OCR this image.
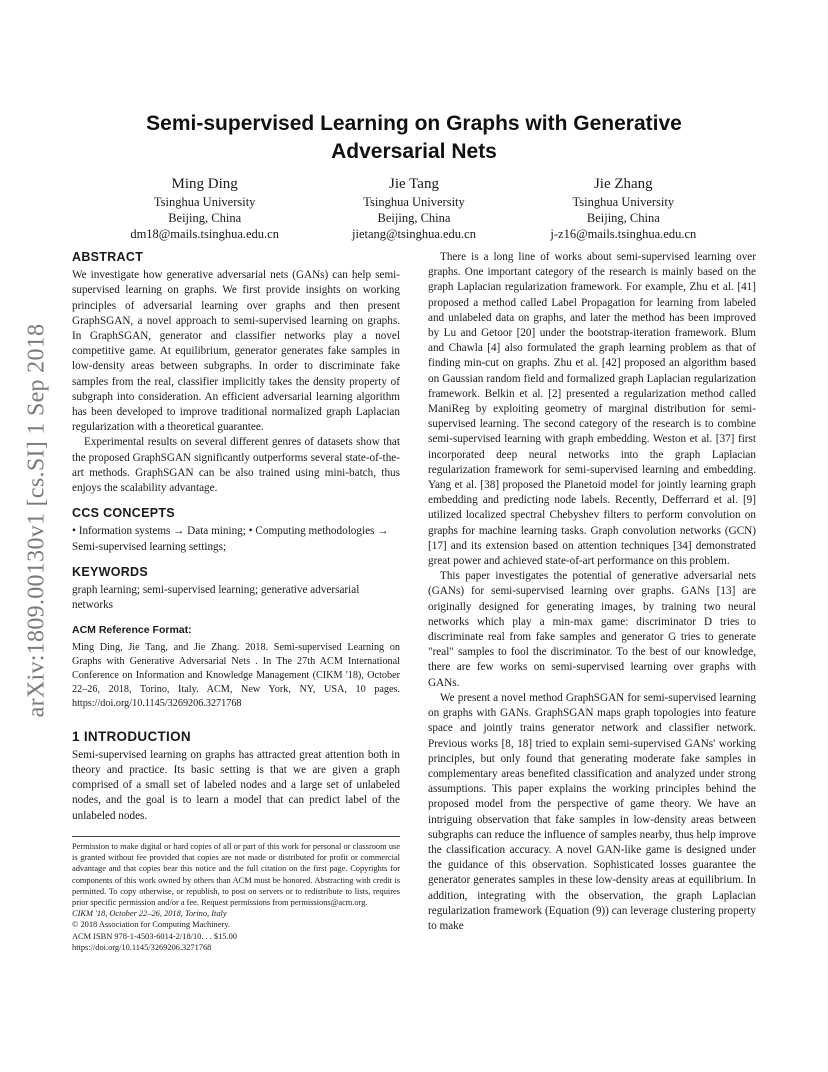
arXiv:1809.00130v1 [cs.SI] 1 Sep 2018
Semi-supervised Learning on Graphs with Generative Adversarial Nets
Ming Ding
Tsinghua University
Beijing, China
dm18@mails.tsinghua.edu.cn
Jie Tang
Tsinghua University
Beijing, China
jietang@tsinghua.edu.cn
Jie Zhang
Tsinghua University
Beijing, China
j-z16@mails.tsinghua.edu.cn
ABSTRACT

We investigate how generative adversarial nets (GANs) can help semi-supervised learning on graphs. We first provide insights on working principles of adversarial learning over graphs and then present GraphSGAN, a novel approach to semi-supervised learning on graphs. In GraphSGAN, generator and classifier networks play a novel competitive game. At equilibrium, generator generates fake samples in low-density areas between subgraphs. In order to discriminate fake samples from the real, classifier implicitly takes the density property of subgraph into consideration. An efficient adversarial learning algorithm has been developed to improve traditional normalized graph Laplacian regularization with a theoretical guarantee.

Experimental results on several different genres of datasets show that the proposed GraphSGAN significantly outperforms several state-of-the-art methods. GraphSGAN can be also trained using mini-batch, thus enjoys the scalability advantage.

CCS CONCEPTS

• Information systems → Data mining; • Computing methodologies → Semi-supervised learning settings;

KEYWORDS

graph learning; semi-supervised learning; generative adversarial networks

ACM Reference Format:

Ming Ding, Jie Tang, and Jie Zhang. 2018. Semi-supervised Learning on Graphs with Generative Adversarial Nets . In The 27th ACM International Conference on Information and Knowledge Management (CIKM '18), October 22–26, 2018, Torino, Italy. ACM, New York, NY, USA, 10 pages. https://doi.org/10.1145/3269206.3271768

1 INTRODUCTION

Semi-supervised learning on graphs has attracted great attention both in theory and practice. Its basic setting is that we are given a graph comprised of a small set of labeled nodes and a large set of unlabeled nodes, and the goal is to learn a model that can predict label of the unlabeled nodes.

Permission to make digital or hard copies of all or part of this work for personal or classroom use is granted without fee provided that copies are not made or distributed for profit or commercial advantage and that copies bear this notice and the full citation on the first page. Copyrights for components of this work owned by others than ACM must be honored. Abstracting with credit is permitted. To copy otherwise, or republish, to post on servers or to redistribute to lists, requires prior specific permission and/or a fee. Request permissions from permissions@acm.org.

CIKM '18, October 22–26, 2018, Torino, Italy
© 2018 Association for Computing Machinery.
ACM ISBN 978-1-4503-6014-2/18/10. . . $15.00
https://doi.org/10.1145/3269206.3271768

There is a long line of works about semi-supervised learning over graphs. One important category of the research is mainly based on the graph Laplacian regularization framework. For example, Zhu et al. [41] proposed a method called Label Propagation for learning from labeled and unlabeled data on graphs, and later the method has been improved by Lu and Getoor [20] under the bootstrap-iteration framework. Blum and Chawla [4] also formulated the graph learning problem as that of finding min-cut on graphs. Zhu et al. [42] proposed an algorithm based on Gaussian random field and formalized graph Laplacian regularization framework. Belkin et al. [2] presented a regularization method called ManiReg by exploiting geometry of marginal distribution for semi-supervised learning. The second category of the research is to combine semi-supervised learning with graph embedding. Weston et al. [37] first incorporated deep neural networks into the graph Laplacian regularization framework for semi-supervised learning and embedding. Yang et al. [38] proposed the Planetoid model for jointly learning graph embedding and predicting node labels. Recently, Defferrard et al. [9] utilized localized spectral Chebyshev filters to perform convolution on graphs for machine learning tasks. Graph convolution networks (GCN) [17] and its extension based on attention techniques [34] demonstrated great power and achieved state-of-art performance on this problem.

This paper investigates the potential of generative adversarial nets (GANs) for semi-supervised learning over graphs. GANs [13] are originally designed for generating images, by training two neural networks which play a min-max game: discriminator D tries to discriminate real from fake samples and generator G tries to generate "real" samples to fool the discriminator. To the best of our knowledge, there are few works on semi-supervised learning over graphs with GANs.

We present a novel method GraphSGAN for semi-supervised learning on graphs with GANs. GraphSGAN maps graph topologies into feature space and jointly trains generator network and classifier network. Previous works [8, 18] tried to explain semi-supervised GANs' working principles, but only found that generating moderate fake samples in complementary areas benefited classification and analyzed under strong assumptions. This paper explains the working principles behind the proposed model from the perspective of game theory. We have an intriguing observation that fake samples in low-density areas between subgraphs can reduce the influence of samples nearby, thus help improve the classification accuracy. A novel GAN-like game is designed under the guidance of this observation. Sophisticated losses guarantee the generator generates samples in these low-density areas at equilibrium. In addition, integrating with the observation, the graph Laplacian regularization framework (Equation (9)) can leverage clustering property to make
